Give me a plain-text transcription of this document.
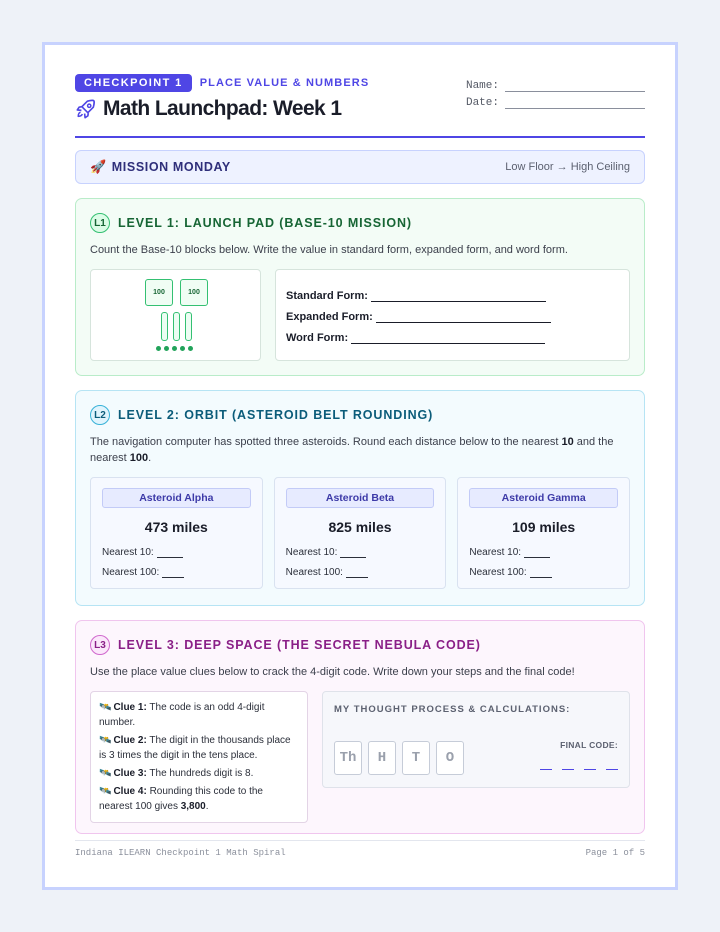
CHECKPOINT 1	PLACE VALUE & NUMBERS
Math Launchpad: Week 1
Name:
Date:
🚀 MISSION MONDAY	Low Floor → High Ceiling
L1 LEVEL 1: LAUNCH PAD (BASE-10 MISSION)
Count the Base-10 blocks below. Write the value in standard form, expanded form, and word form.
100	100	Standard Form:
Expanded Form:
Word Form:
L2 LEVEL 2: ORBIT (ASTEROID BELT ROUNDING)
The navigation computer has spotted three asteroids. Round each distance below to the nearest 10 and the nearest 100.
Asteroid Alpha
473 miles
Nearest 10:
Nearest 100:
Asteroid Beta
825 miles
Nearest 10:
Nearest 100:
Asteroid Gamma
109 miles
Nearest 10:
Nearest 100:
L3 LEVEL 3: DEEP SPACE (THE SECRET NEBULA CODE)
Use the place value clues below to crack the 4-digit code. Write down your steps and the final code!
🛰️ Clue 1: The code is an odd 4-digit number.
🛰️ Clue 2: The digit in the thousands place is 3 times the digit in the tens place.
🛰️ Clue 3: The hundreds digit is 8.
🛰️ Clue 4: Rounding this code to the nearest 100 gives 3,800.
MY THOUGHT PROCESS & CALCULATIONS:
Th	H	T	O
FINAL CODE:
Indiana ILEARN Checkpoint 1 Math Spiral	Page 1 of 5
